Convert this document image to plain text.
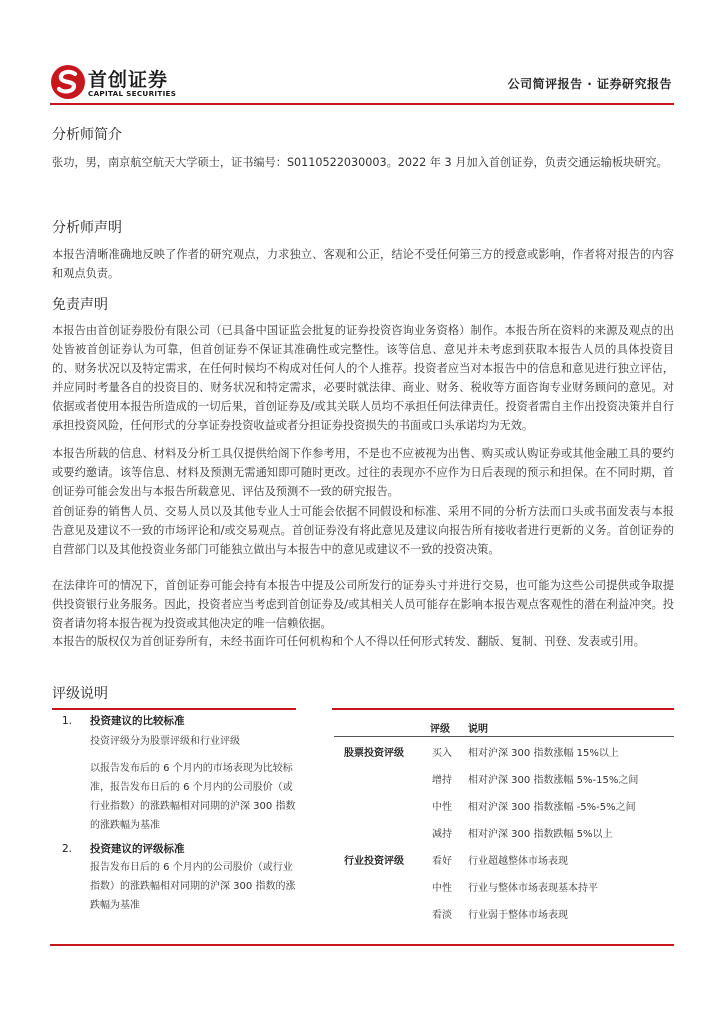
首创证券
CAPITAL SECURITIES
公司简评报告 · 证券研究报告
分析师简介

张功，男，南京航空航天大学硕士，证书编号：S0110522030003。2022 年 3 月加入首创证券，负责交通运输板块研究。

分析师声明

本报告清晰准确地反映了作者的研究观点，力求独立、客观和公正，结论不受任何第三方的授意或影响，作者将对报告的内容和观点负责。

免责声明

本报告由首创证券股份有限公司（已具备中国证监会批复的证券投资咨询业务资格）制作。本报告所在资料的来源及观点的出处皆被首创证券认为可靠，但首创证券不保证其准确性或完整性。该等信息、意见并未考虑到获取本报告人员的具体投资目的、财务状况以及特定需求，在任何时候均不构成对任何人的个人推荐。投资者应当对本报告中的信息和意见进行独立评估，并应同时考量各自的投资目的、财务状况和特定需求，必要时就法律、商业、财务、税收等方面咨询专业财务顾问的意见。对依据或者使用本报告所造成的一切后果，首创证券及/或其关联人员均不承担任何法律责任。投资者需自主作出投资决策并自行承担投资风险，任何形式的分享证券投资收益或者分担证券投资损失的书面或口头承诺均为无效。

本报告所载的信息、材料及分析工具仅提供给阁下作参考用，不是也不应被视为出售、购买或认购证券或其他金融工具的要约或要约邀请。该等信息、材料及预测无需通知即可随时更改。过往的表现亦不应作为日后表现的预示和担保。在不同时期，首创证券可能会发出与本报告所载意见、评估及预测不一致的研究报告。

首创证券的销售人员、交易人员以及其他专业人士可能会依据不同假设和标准、采用不同的分析方法而口头或书面发表与本报告意见及建议不一致的市场评论和/或交易观点。首创证券没有将此意见及建议向报告所有接收者进行更新的义务。首创证券的自营部门以及其他投资业务部门可能独立做出与本报告中的意见或建议不一致的投资决策。

在法律许可的情况下，首创证券可能会持有本报告中提及公司所发行的证券头寸并进行交易，也可能为这些公司提供或争取提供投资银行业务服务。因此，投资者应当考虑到首创证券及/或其相关人员可能存在影响本报告观点客观性的潜在利益冲突。投资者请勿将本报告视为投资或其他决定的唯一信赖依据。

本报告的版权仅为首创证券所有，未经书面许可任何机构和个人不得以任何形式转发、翻版、复制、刊登、发表或引用。

评级说明
1. 投资建议的比较标准

投资评级分为股票评级和行业评级

以报告发布后的 6 个月内的市场表现为比较标准，报告发布日后的 6 个月内的公司股价（或行业指数）的涨跌幅相对同期的沪深 300 指数的涨跌幅为基准

2. 投资建议的评级标准

报告发布日后的 6 个月内的公司股价（或行业指数）的涨跌幅相对同期的沪深 300 指数的涨跌幅为基准

评级 说明
股票投资评级	买入 相对沪深 300 指数涨幅 15%以上
增持 相对沪深 300 指数涨幅 5%-15%之间
中性 相对沪深 300 指数涨幅 -5%-5%之间
减持 相对沪深 300 指数跌幅 5%以上
行业投资评级	看好 行业超越整体市场表现
中性 行业与整体市场表现基本持平
看淡 行业弱于整体市场表现
